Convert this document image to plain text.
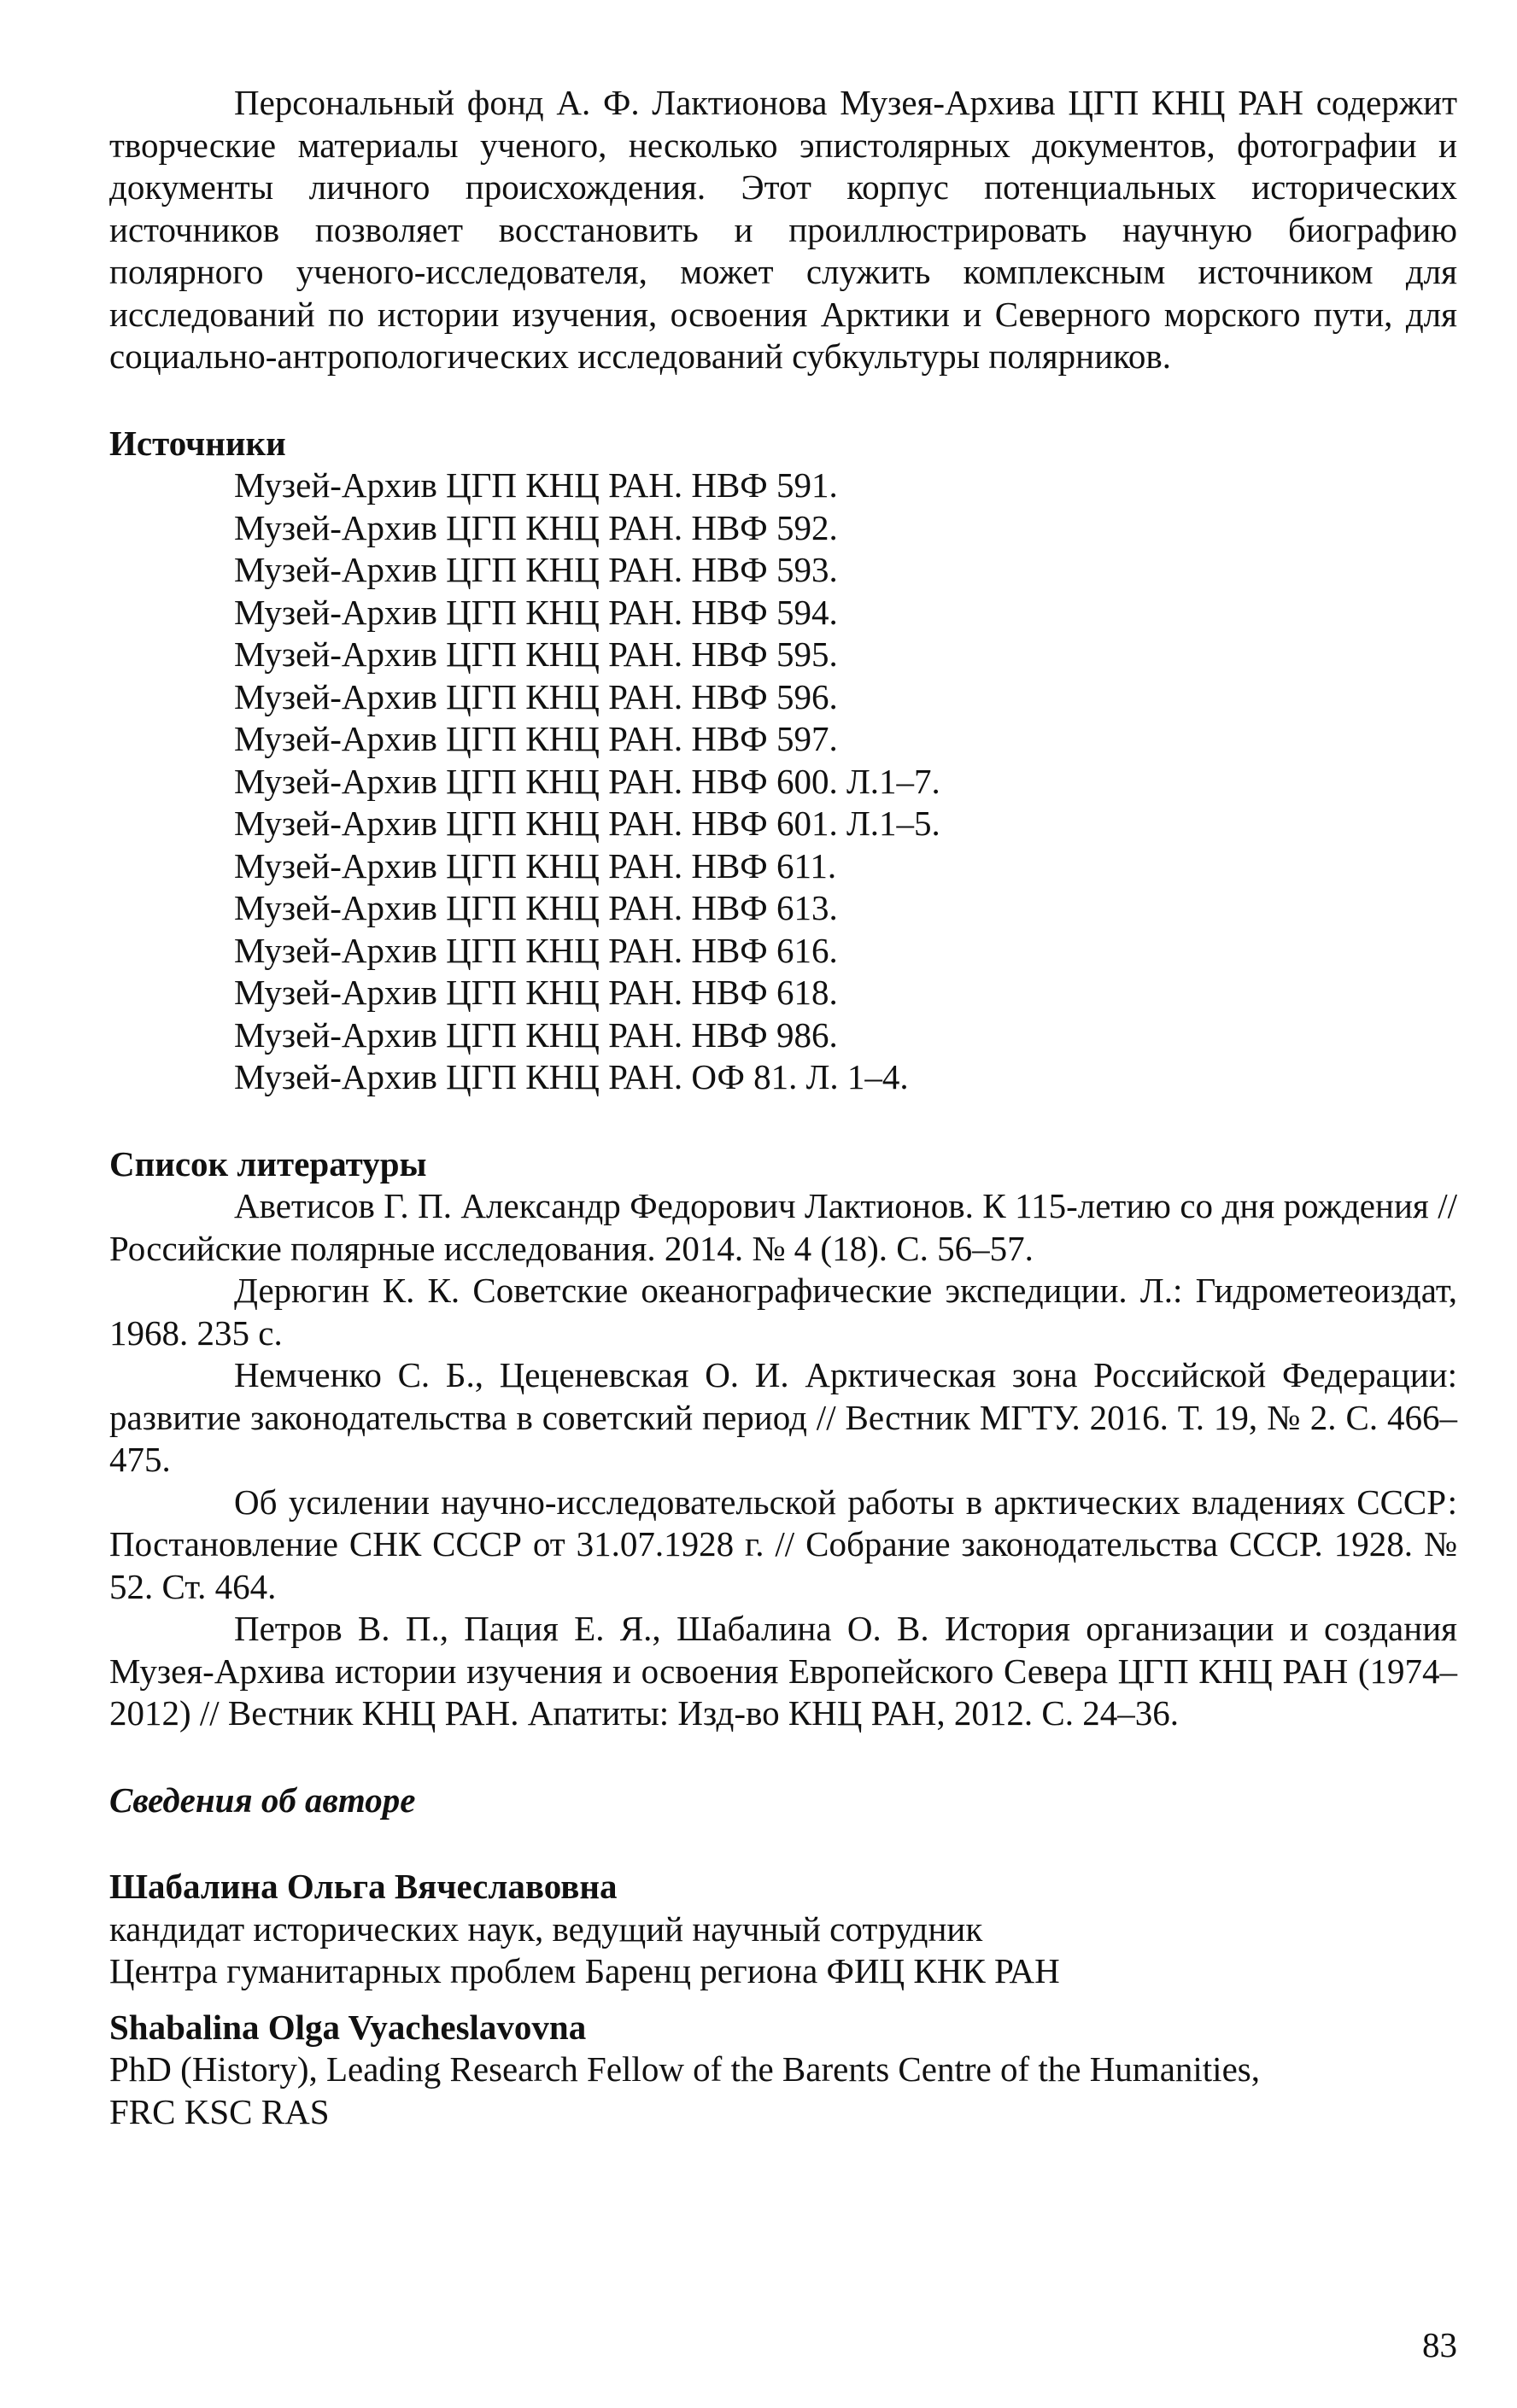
Персональный фонд А. Ф. Лактионова Музея-Архива ЦГП КНЦ РАН содержит творческие материалы ученого, несколько эпистолярных документов, фотографии и документы личного происхождения. Этот корпус потенциальных исторических источников позволяет восстановить и проиллюстрировать научную биографию полярного ученого-исследователя, может служить комплексным источником для исследований по истории изучения, освоения Арктики и Северного морского пути, для социально-антропологических исследований субкультуры полярников.

Источники
Музей-Архив ЦГП КНЦ РАН. НВФ 591.
Музей-Архив ЦГП КНЦ РАН. НВФ 592.
Музей-Архив ЦГП КНЦ РАН. НВФ 593.
Музей-Архив ЦГП КНЦ РАН. НВФ 594.
Музей-Архив ЦГП КНЦ РАН. НВФ 595.
Музей-Архив ЦГП КНЦ РАН. НВФ 596.
Музей-Архив ЦГП КНЦ РАН. НВФ 597.
Музей-Архив ЦГП КНЦ РАН. НВФ 600. Л.1–7.
Музей-Архив ЦГП КНЦ РАН. НВФ 601. Л.1–5.
Музей-Архив ЦГП КНЦ РАН. НВФ 611.
Музей-Архив ЦГП КНЦ РАН. НВФ 613.
Музей-Архив ЦГП КНЦ РАН. НВФ 616.
Музей-Архив ЦГП КНЦ РАН. НВФ 618.
Музей-Архив ЦГП КНЦ РАН. НВФ 986.
Музей-Архив ЦГП КНЦ РАН. ОФ 81. Л. 1–4.
Список литературы
Аветисов Г. П. Александр Федорович Лактионов. К 115-летию со дня рождения // Российские полярные исследования. 2014. № 4 (18). С. 56–57.
Дерюгин К. К. Советские океанографические экспедиции. Л.: Гидрометеоиздат, 1968. 235 с.
Немченко С. Б., Цеценевская О. И. Арктическая зона Российской Федерации: развитие законодательства в советский период // Вестник МГТУ. 2016. Т. 19, № 2. С. 466–475.
Об усилении научно-исследовательской работы в арктических владениях СССР: Постановление СНК СССР от 31.07.1928 г. // Собрание законодательства СССР. 1928. № 52. Ст. 464.
Петров В. П., Пация Е. Я., Шабалина О. В. История организации и создания Музея-Архива истории изучения и освоения Европейского Севера ЦГП КНЦ РАН (1974–2012) // Вестник КНЦ РАН. Апатиты: Изд-во КНЦ РАН, 2012. С. 24–36.
Сведения об авторе

Шабалина Ольга Вячеславовна

кандидат исторических наук, ведущий научный сотрудник

Центра гуманитарных проблем Баренц региона ФИЦ КНК РАН

Shabalina Olga Vyacheslavovna

PhD (History), Leading Research Fellow of the Barents Centre of the Humanities,

FRC KSC RAS

83
